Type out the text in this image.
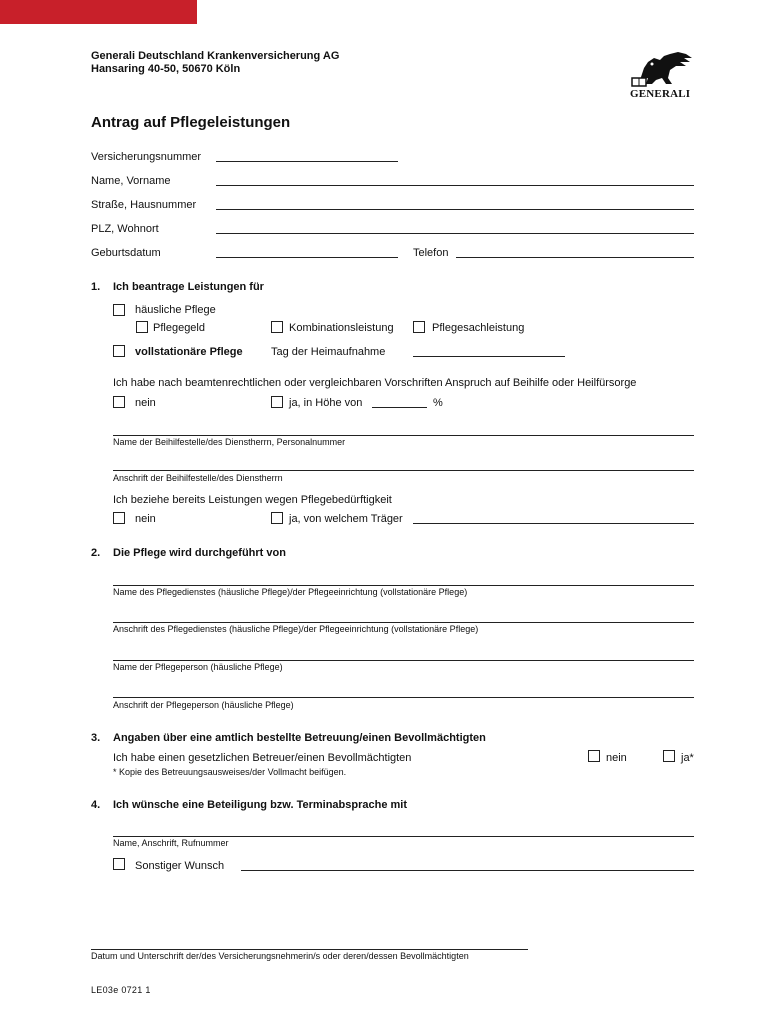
Generali Deutschland Krankenversicherung AG
Hansaring 40-50, 50670 Köln
GENERALI
Antrag auf Pflegeleistungen
Versicherungsnummer
Name, Vorname
Straße, Hausnummer
PLZ, Wohnort
Geburtsdatum	Telefon
1. Ich beantrage Leistungen für
häusliche Pflege
Pflegegeld	Kombinationsleistung	Pflegesachleistung
vollstationäre Pflege	Tag der Heimaufnahme
Ich habe nach beamtenrechtlichen oder vergleichbaren Vorschriften Anspruch auf Beihilfe oder Heilfürsorge
nein	ja, in Höhe von	%
Name der Beihilfestelle/des Dienstherrn, Personalnummer
Anschrift der Beihilfestelle/des Dienstherrn
Ich beziehe bereits Leistungen wegen Pflegebedürftigkeit
nein	ja, von welchem Träger
2. Die Pflege wird durchgeführt von
Name des Pflegedienstes (häusliche Pflege)/der Pflegeeinrichtung (vollstationäre Pflege)
Anschrift des Pflegedienstes (häusliche Pflege)/der Pflegeeinrichtung (vollstationäre Pflege)
Name der Pflegeperson (häusliche Pflege)
Anschrift der Pflegeperson (häusliche Pflege)
3. Angaben über eine amtlich bestellte Betreuung/einen Bevollmächtigten
Ich habe einen gesetzlichen Betreuer/einen Bevollmächtigten
* Kopie des Betreuungsausweises/der Vollmacht beifügen.
nein	ja*
4. Ich wünsche eine Beteiligung bzw. Terminabsprache mit
Name, Anschrift, Rufnummer
Sonstiger Wunsch
Datum und Unterschrift der/des Versicherungsnehmerin/s oder deren/dessen Bevollmächtigten
LE03e 0721 1
